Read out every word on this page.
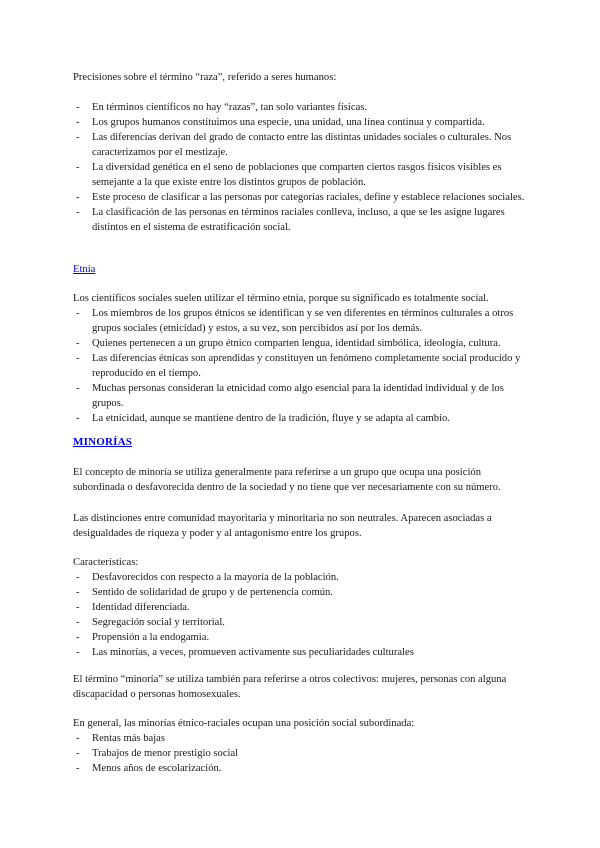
Precisiones sobre el término “raza”, referido a seres humanos:

- En términos científicos no hay “razas”, tan solo variantes físicas.
- Los grupos humanos constituimos una especie, una unidad, una línea continua y compartida.
- Las diferencias derivan del grado de contacto entre las distintas unidades sociales o culturales. Nos caracterizamos por el mestizaje.
- La diversidad genética en el seno de poblaciones que comparten ciertos rasgos físicos visibles es semejante a la que existe entre los distintos grupos de población.
- Este proceso de clasificar a las personas por categorías raciales, define y establece relaciones sociales.
- La clasificación de las personas en términos raciales conlleva, incluso, a que se les asigne lugares distintos en el sistema de estratificación social.
Etnia

Los científicos sociales suelen utilizar el término etnia, porque su significado es totalmente social.

- Los miembros de los grupos étnicos se identifican y se ven diferentes en términos culturales a otros grupos sociales (etnicidad) y estos, a su vez, son percibidos así por los demás.
- Quienes pertenecen a un grupo étnico comparten lengua, identidad simbólica, ideología, cultura.
- Las diferencias étnicas son aprendidas y constituyen un fenómeno completamente social producido y reproducido en el tiempo.
- Muchas personas consideran la etnicidad como algo esencial para la identidad individual y de los grupos.
- La etnicidad, aunque se mantiene dentro de la tradición, fluye y se adapta al cambio.
MINORÍAS

El concepto de minoría se utiliza generalmente para referirse a un grupo que ocupa una posición subordinada o desfavorecida dentro de la sociedad y no tiene que ver necesariamente con su número.

Las distinciones entre comunidad mayoritaria y minoritaria no son neutrales. Aparecen asociadas a desigualdades de riqueza y poder y al antagonismo entre los grupos.

Características:

- Desfavorecidos con respecto a la mayoría de la población.
- Sentido de solidaridad de grupo y de pertenencia común.
- Identidad diferenciada.
- Segregación social y territorial.
- Propensión a la endogamia.
- Las minorías, a veces, promueven activamente sus peculiaridades culturales

El término “minoría” se utiliza también para referirse a otros colectivos: mujeres, personas con alguna discapacidad o personas homosexuales.

En general, las minorías étnico-raciales ocupan una posición social subordinada:

- Rentas más bajas
- Trabajos de menor prestigio social
- Menos años de escolarización.
